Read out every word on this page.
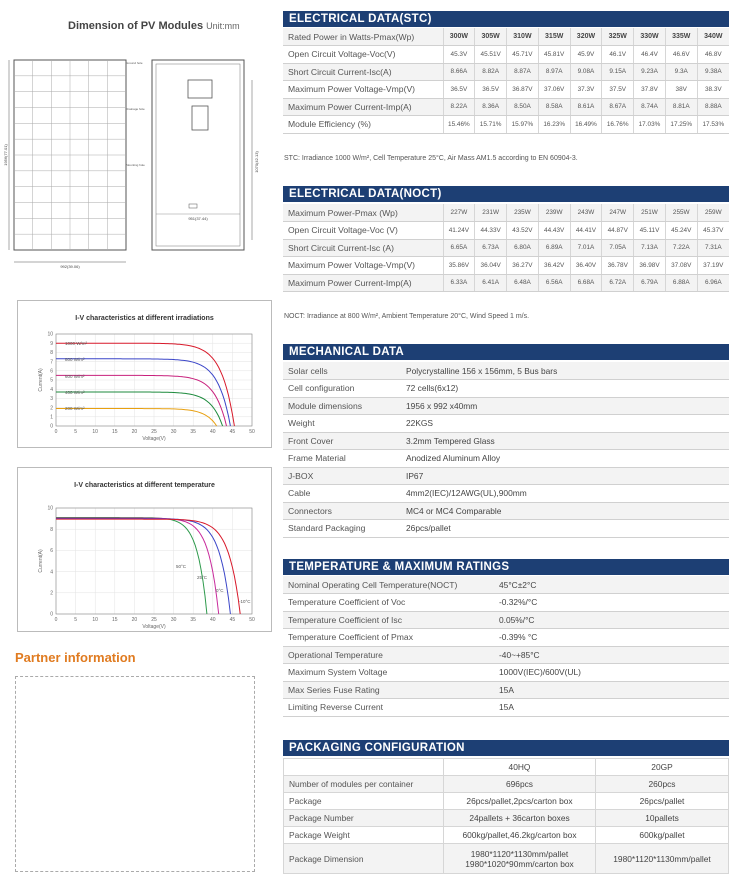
Dimension of PV Modules Unit:mm
992(39.06)
1956(77.01)
951(37.44)
1070(42.13)
Ground hole
Drainage hole
Mounting hole
I-V characteristics at different irradiations
0	5	10	15	20	25	30	35	40	45	50
0
1
2
3
4
5
6
7
8
9
10
Voltage(V)
Current(A)
1000 W/m²
800 W/m²
600 W/m²
400 W/m²
200 W/m²
I-V characteristics at different temperature
0	5	10	15	20	25	30	35	40	45	50
0
2
4
6
8
10
Voltage(V)
Current(A)	50°C
25°C
0°C
-10°C
Partner information
ELECTRICAL DATA(STC)
Rated Power in Watts-Pmax(Wp)	300W	305W	310W	315W	320W	325W	330W	335W	340W
Open Circuit Voltage-Voc(V)	45.3V	45.51V	45.71V	45.81V	45.9V	46.1V	46.4V	46.6V	46.8V
Short Circuit Current-Isc(A)	8.66A	8.82A	8.87A	8.97A	9.08A	9.15A	9.23A	9.3A	9.38A
Maximum Power Voltage-Vmp(V)	36.5V	36.5V	36.87V	37.06V	37.3V	37.5V	37.8V	38V	38.3V
Maximum Power Current-Imp(A)	8.22A	8.36A	8.50A	8.58A	8.61A	8.67A	8.74A	8.81A	8.88A
Module Efficiency (%)	15.46%	15.71%	15.97%	16.23%	16.49%	16.76%	17.03%	17.25%	17.53%
STC: Irradiance 1000 W/m², Cell Temperature 25°C, Air Mass AM1.5 according to EN 60904-3.
ELECTRICAL DATA(NOCT)
Maximum Power-Pmax (Wp)	227W	231W	235W	239W	243W	247W	251W	255W	259W
Open Circuit Voltage-Voc (V)	41.24V	44.33V	43.52V	44.43V	44.41V	44.87V	45.11V	45.24V	45.37V
Short Circuit Current-Isc (A)	6.65A	6.73A	6.80A	6.89A	7.01A	7.05A	7.13A	7.22A	7.31A
Maximum Power Voltage-Vmp(V)	35.86V	36.04V	36.27V	36.42V	36.40V	36.78V	36.98V	37.08V	37.19V
Maximum Power Current-Imp(A)	6.33A	6.41A	6.48A	6.56A	6.68A	6.72A	6.79A	6.88A	6.96A
NOCT: Irradiance at 800 W/m², Ambient Temperature 20°C, Wind Speed 1 m/s.
MECHANICAL DATA
Solar cells	Polycrystalline 156 x 156mm, 5 Bus bars
Cell configuration	72 cells(6x12)
Module dimensions	1956 x 992 x40mm
Weight	22KGS
Front Cover	3.2mm Tempered Glass
Frame Material	Anodized Aluminum Alloy
J-BOX	IP67
Cable	4mm2(IEC)/12AWG(UL),900mm
Connectors	MC4 or MC4 Comparable
Standard Packaging	26pcs/pallet
TEMPERATURE & MAXIMUM RATINGS
Nominal Operating Cell Temperature(NOCT)	45°C±2°C
Temperature Coefficient of Voc	-0.32%/°C
Temperature Coefficient of Isc	0.05%/°C
Temperature Coefficient of Pmax	-0.39% °C
Operational Temperature	-40~+85°C
Maximum System Voltage	1000V(IEC)/600V(UL)
Max Series Fuse Rating	15A
Limiting Reverse Current	15A
PACKAGING CONFIGURATION
	40HQ	20GP
Number of modules per container	696pcs	260pcs
Package	26pcs/pallet,2pcs/carton box	26pcs/pallet
Package Number	24pallets + 36carton boxes	10pallets
Package Weight	600kg/pallet,46.2kg/carton box	600kg/pallet
Package Dimension	1980*1120*1130mm/pallet
1980*1020*90mm/carton box	1980*1120*1130mm/pallet
